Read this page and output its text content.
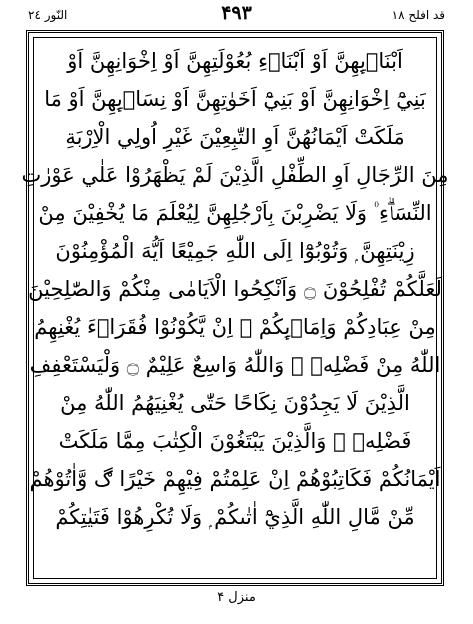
النّور ٢٤	۴۹۳	قد افلح ١٨
اَبْنَاۗىِٕهِنَّ اَوْ اَبْنَاۗءِ بُعُوْلَتِهِنَّ اَوْ اِخْوَانِهِنَّ اَوْ
بَنِيْٓ اِخْوَانِهِنَّ اَوْ بَنِيْٓ اَخَوٰتِهِنَّ اَوْ نِسَاۗىِٕهِنَّ اَوْ مَا
مَلَكَتْ اَيْمَانُهُنَّ اَوِ التّٰبِعِيْنَ غَيْرِ اُولِي الْاِرْبَةِ
مِنَ الرِّجَالِ اَوِ الطِّفْلِ الَّذِيْنَ لَمْ يَظْهَرُوْا عَلٰي عَوْرٰتِ
النِّسَاۗءِ ۠ وَلَا يَضْرِبْنَ بِاَرْجُلِهِنَّ لِيُعْلَمَ مَا يُخْفِيْنَ مِنْ
زِيْنَتِهِنَّ ۭ وَتُوْبُوْٓا اِلَى اللّٰهِ جَمِيْعًا اَيُّهَ الْمُؤْمِنُوْنَ
لَعَلَّكُمْ تُفْلِحُوْنَ ۝ وَاَنْكِحُوا الْاَيَامٰى مِنْكُمْ وَالصّٰلِحِيْنَ
مِنْ عِبَادِكُمْ وَاِمَاۗىِٕكُمْ ۭ اِنْ يَّكُوْنُوْا فُقَرَاۗءَ يُغْنِهِمُ
اللّٰهُ مِنْ فَضْلِهٖ ۭ وَاللّٰهُ وَاسِعٌ عَلِيْمٌ ۝ وَلْيَسْتَعْفِفِ
الَّذِيْنَ لَا يَجِدُوْنَ نِكَاحًا حَتّٰى يُغْنِيَهُمُ اللّٰهُ مِنْ
فَضْلِهٖ ۭ وَالَّذِيْنَ يَبْتَغُوْنَ الْكِتٰبَ مِمَّا مَلَكَتْ
اَيْمَانُكُمْ فَكَاتِبُوْهُمْ اِنْ عَلِمْتُمْ فِيْهِمْ خَيْرًا ڰ وَّاٰتُوْهُمْ
مِّنْ مَّالِ اللّٰهِ الَّذِيْٓ اٰتٰىكُمْ ۭ وَلَا تُكْرِهُوْا فَتَيٰتِكُمْ
منزل ۴
